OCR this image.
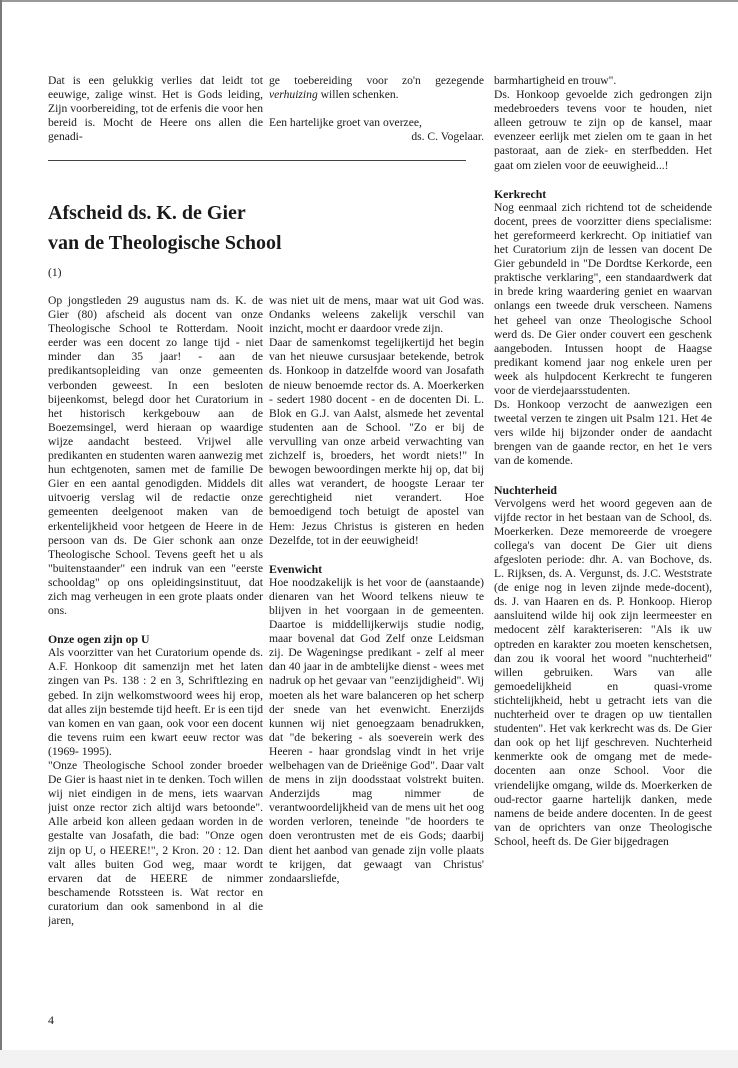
Dat is een gelukkig verlies dat leidt tot eeuwige, zalige winst. Het is Gods leiding, Zijn voorbereiding, tot de erfenis die voor hen bereid is. Mocht de Heere ons allen die genadi-

ge toebereiding voor zo'n gezegende verhuizing willen schenken.

Een hartelijke groet van overzee,

ds. C. Vogelaar.

Afscheid ds. K. de Gier
van de Theologische School

(1)

Op jongstleden 29 augustus nam ds. K. de Gier (80) afscheid als docent van onze Theologische School te Rotterdam. Nooit eerder was een docent zo lange tijd - niet minder dan 35 jaar! - aan de predikantsopleiding van onze gemeenten verbonden geweest. In een besloten bijeenkomst, belegd door het Curatorium in het historisch kerkgebouw aan de Boezemsingel, werd hieraan op waardige wijze aandacht besteed. Vrijwel alle predikanten en studenten waren aanwezig met hun echtgenoten, samen met de familie De Gier en een aantal genodigden. Middels dit uitvoerig verslag wil de redactie onze gemeenten deelgenoot maken van de erkentelijkheid voor hetgeen de Heere in de persoon van ds. De Gier schonk aan onze Theologische School. Tevens geeft het u als "buitenstaander" een indruk van een "eerste schooldag" op ons opleidingsinstituut, dat zich mag verheugen in een grote plaats onder ons.

Onze ogen zijn op U

Als voorzitter van het Curatorium opende ds. A.F. Honkoop dit samenzijn met het laten zingen van Ps. 138 : 2 en 3, Schriftlezing en gebed. In zijn welkomstwoord wees hij erop, dat alles zijn bestemde tijd heeft. Er is een tijd van komen en van gaan, ook voor een docent die tevens ruim een kwart eeuw rector was (1969- 1995).

"Onze Theologische School zonder broeder De Gier is haast niet in te denken. Toch willen wij niet eindigen in de mens, iets waarvan juist onze rector zich altijd wars betoonde". Alle arbeid kon alleen gedaan worden in de gestalte van Josafath, die bad: "Onze ogen zijn op U, o HEERE!", 2 Kron. 20 : 12. Dan valt alles buiten God weg, maar wordt ervaren dat de HEERE de nimmer beschamende Rotssteen is. Wat rector en curatorium dan ook samenbond in al die jaren,

was niet uit de mens, maar wat uit God was. Ondanks weleens zakelijk verschil van inzicht, mocht er daardoor vrede zijn.

Daar de samenkomst tegelijkertijd het begin van het nieuwe cursusjaar betekende, betrok ds. Honkoop in datzelfde woord van Josafath de nieuw benoemde rector ds. A. Moerkerken - sedert 1980 docent - en de docenten Di. L. Blok en G.J. van Aalst, alsmede het zevental studenten aan de School. "Zo er bij de vervulling van onze arbeid verwachting van zichzelf is, broeders, het wordt niets!" In bewogen bewoordingen merkte hij op, dat bij alles wat verandert, de hoogste Leraar ter gerechtigheid niet verandert. Hoe bemoedigend toch betuigt de apostel van Hem: Jezus Christus is gisteren en heden Dezelfde, tot in der eeuwigheid!

Evenwicht

Hoe noodzakelijk is het voor de (aanstaande) dienaren van het Woord telkens nieuw te blijven in het voorgaan in de gemeenten. Daartoe is middellijkerwijs studie nodig, maar bovenal dat God Zelf onze Leidsman zij. De Wageningse predikant - zelf al meer dan 40 jaar in de ambtelijke dienst - wees met nadruk op het gevaar van "eenzijdigheid". Wij moeten als het ware balanceren op het scherp der snede van het evenwicht. Enerzijds kunnen wij niet genoegzaam benadrukken, dat "de bekering - als soeverein werk des Heeren - haar grondslag vindt in het vrije welbehagen van de Drieënige God". Daar valt de mens in zijn doodsstaat volstrekt buiten. Anderzijds mag nimmer de verantwoordelijkheid van de mens uit het oog worden verloren, teneinde "de hoorders te doen verontrusten met de eis Gods; daarbij dient het aanbod van genade zijn volle plaats te krijgen, dat gewaagt van Christus' zondaarsliefde,

barmhartigheid en trouw".

Ds. Honkoop gevoelde zich gedrongen zijn medebroeders tevens voor te houden, niet alleen getrouw te zijn op de kansel, maar evenzeer eerlijk met zielen om te gaan in het pastoraat, aan de ziek- en sterfbedden. Het gaat om zielen voor de eeuwigheid...!

Kerkrecht

Nog eenmaal zich richtend tot de scheidende docent, prees de voorzitter diens specialisme: het gereformeerd kerkrecht. Op initiatief van het Curatorium zijn de lessen van docent De Gier gebundeld in "De Dordtse Kerkorde, een praktische verklaring", een standaardwerk dat in brede kring waardering geniet en waarvan onlangs een tweede druk verscheen. Namens het geheel van onze Theologische School werd ds. De Gier onder couvert een geschenk aangeboden. Intussen hoopt de Haagse predikant komend jaar nog enkele uren per week als hulpdocent Kerkrecht te fungeren voor de vierdejaarsstudenten.

Ds. Honkoop verzocht de aanwezigen een tweetal verzen te zingen uit Psalm 121. Het 4e vers wilde hij bijzonder onder de aandacht brengen van de gaande rector, en het 1e vers van de komende.

Nuchterheid

Vervolgens werd het woord gegeven aan de vijfde rector in het bestaan van de School, ds. Moerkerken. Deze memoreerde de vroegere collega's van docent De Gier uit diens afgesloten periode: dhr. A. van Bochove, ds. L. Rijksen, ds. A. Vergunst, ds. J.C. Weststrate (de enige nog in leven zijnde mede-docent), ds. J. van Haaren en ds. P. Honkoop. Hierop aansluitend wilde hij ook zijn leermeester en medocent zèlf karakteriseren: "Als ik uw optreden en karakter zou moeten kenschetsen, dan zou ik vooral het woord "nuchterheid" willen gebruiken. Wars van alle gemoedelijkheid en quasi-vrome stichtelijkheid, hebt u getracht iets van die nuchterheid over te dragen op uw tientallen studenten". Het vak kerkrecht was ds. De Gier dan ook op het lijf geschreven. Nuchterheid kenmerkte ook de omgang met de mede-docenten aan onze School. Voor die vriendelijke omgang, wilde ds. Moerkerken de oud-rector gaarne hartelijk danken, mede namens de beide andere docenten. In de geest van de oprichters van onze Theologische School, heeft ds. De Gier bijgedragen

4
